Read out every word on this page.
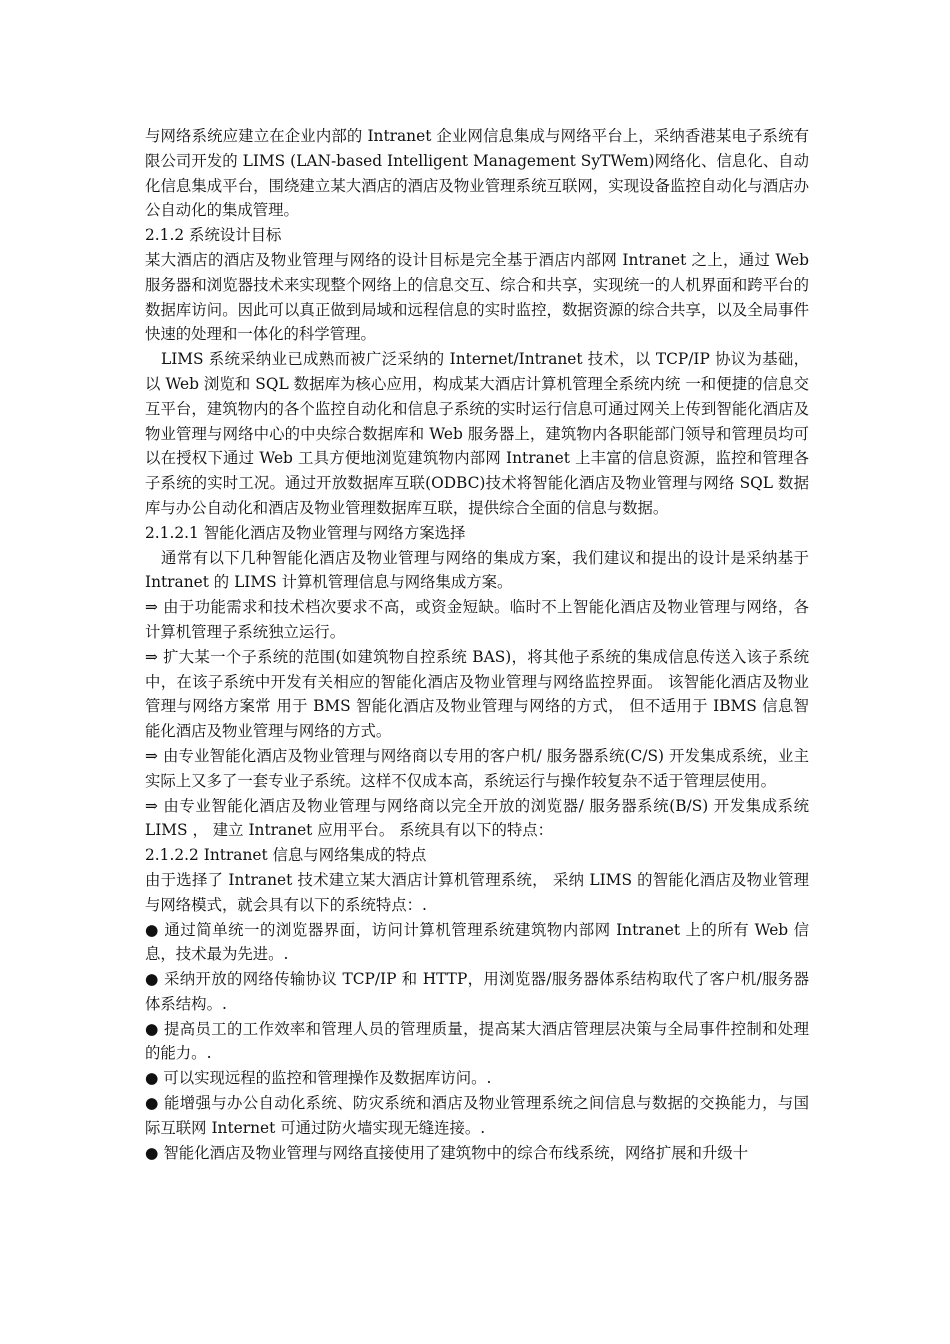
与网络系统应建立在企业内部的 Intranet 企业网信息集成与网络平台上，采纳香港某电子系统有限公司开发的 LIMS (LAN-based Intelligent Management SyTWem)网络化、信息化、自动化信息集成平台，围绕建立某大酒店的酒店及物业管理系统互联网，实现设备监控自动化与酒店办公自动化的集成管理。

2.1.2 系统设计目标

某大酒店的酒店及物业管理与网络的设计目标是完全基于酒店内部网 Intranet 之上，通过 Web 服务器和浏览器技术来实现整个网络上的信息交互、综合和共享，实现统一的人机界面和跨平台的数据库访问。因此可以真正做到局域和远程信息的实时监控，数据资源的综合共享，以及全局事件快速的处理和一体化的科学管理。

LIMS 系统采纳业已成熟而被广泛采纳的 Internet/Intranet 技术，以 TCP/IP 协议为基础，以 Web 浏览和 SQL 数据库为核心应用，构成某大酒店计算机管理全系统内统 一和便捷的信息交互平台，建筑物内的各个监控自动化和信息子系统的实时运行信息可通过网关上传到智能化酒店及物业管理与网络中心的中央综合数据库和 Web 服务器上，建筑物内各职能部门领导和管理员均可以在授权下通过 Web 工具方便地浏览建筑物内部网 Intranet 上丰富的信息资源，监控和管理各子系统的实时工况。通过开放数据库互联(ODBC)技术将智能化酒店及物业管理与网络 SQL 数据库与办公自动化和酒店及物业管理数据库互联，提供综合全面的信息与数据。

2.1.2.1 智能化酒店及物业管理与网络方案选择

通常有以下几种智能化酒店及物业管理与网络的集成方案，我们建议和提出的设计是采纳基于 Intranet 的 LIMS 计算机管理信息与网络集成方案。

⇒ 由于功能需求和技术档次要求不高，或资金短缺。临时不上智能化酒店及物业管理与网络，各计算机管理子系统独立运行。

⇒ 扩大某一个子系统的范围(如建筑物自控系统 BAS)，将其他子系统的集成信息传送入该子系统中，在该子系统中开发有关相应的智能化酒店及物业管理与网络监控界面。 该智能化酒店及物业管理与网络方案常 用于 BMS 智能化酒店及物业管理与网络的方式， 但不适用于 IBMS 信息智能化酒店及物业管理与网络的方式。

⇒ 由专业智能化酒店及物业管理与网络商以专用的客户机/ 服务器系统(C/S) 开发集成系统，业主实际上又多了一套专业子系统。这样不仅成本高，系统运行与操作较复杂不适于管理层使用。

⇒ 由专业智能化酒店及物业管理与网络商以完全开放的浏览器/ 服务器系统(B/S) 开发集成系统 LIMS ， 建立 Intranet 应用平台。 系统具有以下的特点：

2.1.2.2 Intranet 信息与网络集成的特点

由于选择了 Intranet 技术建立某大酒店计算机管理系统， 采纳 LIMS 的智能化酒店及物业管理与网络模式，就会具有以下的系统特点：.

● 通过简单统一的浏览器界面，访问计算机管理系统建筑物内部网 Intranet 上的所有 Web 信息，技术最为先进。.

● 采纳开放的网络传输协议 TCP/IP 和 HTTP，用浏览器/服务器体系结构取代了客户机/服务器体系结构。.

● 提高员工的工作效率和管理人员的管理质量，提高某大酒店管理层决策与全局事件控制和处理的能力。.

● 可以实现远程的监控和管理操作及数据库访问。.

● 能增强与办公自动化系统、防灾系统和酒店及物业管理系统之间信息与数据的交换能力，与国际互联网 Internet 可通过防火墙实现无缝连接。.

● 智能化酒店及物业管理与网络直接使用了建筑物中的综合布线系统，网络扩展和升级十
